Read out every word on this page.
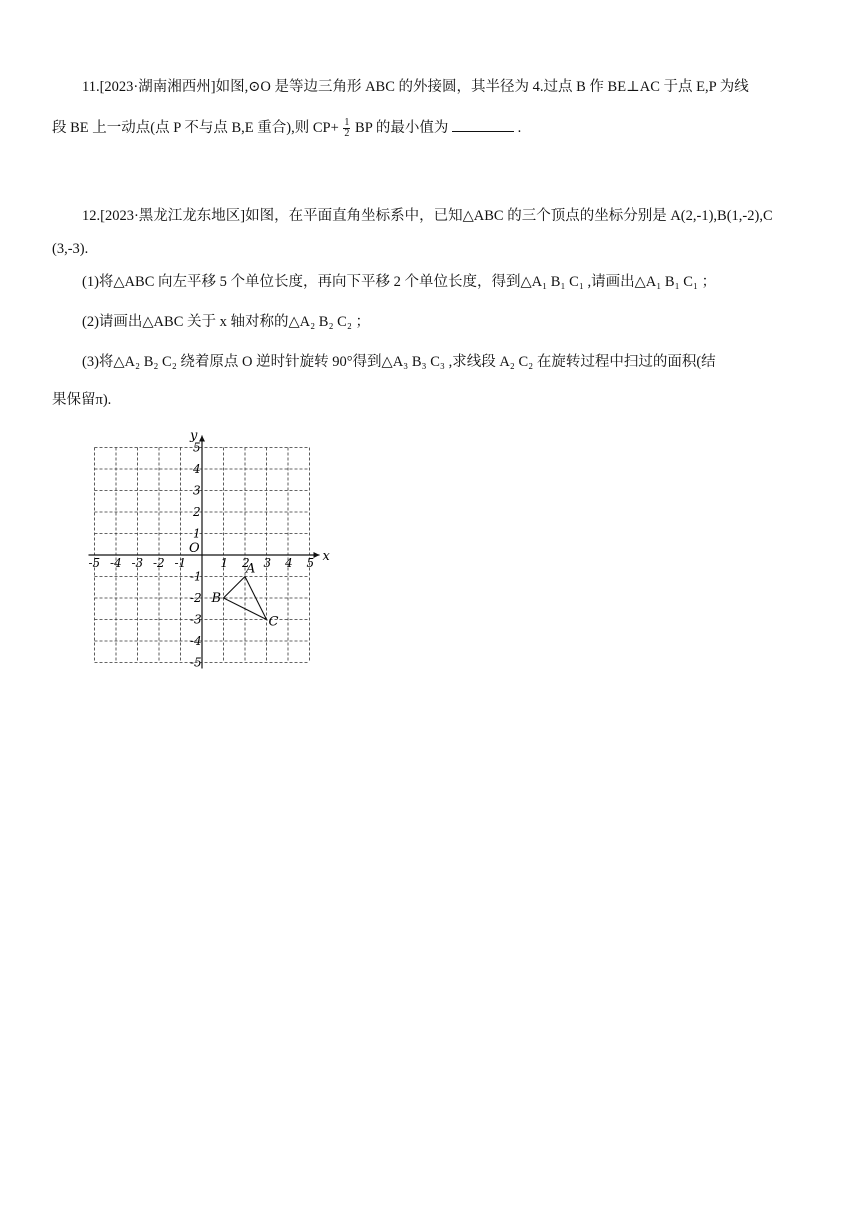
11.[2023·湖南湘西州]如图,⊙O 是等边三角形 ABC 的外接圆，其半径为 4.过点 B 作 BE⊥AC 于点 E,P 为线
段 BE 上一动点(点 P 不与点 B,E 重合),则 $CP+ \frac{1}{2}$ BP 的最小值为	.
12.[2023·黑龙江龙东地区]如图，在平面直角坐标系中，已知△ABC 的三个顶点的坐标分别是 A(2,-1),B(1,-2),C
(3,-3).
(1)将△ABC 向左平移 5 个单位长度，再向下平移 2 个单位长度，得到△A₁ B₁ C₁ ,请画出△A₁ B₁ C₁ ；
(2)请画出△ABC 关于 x 轴对称的△A₂ B₂ C₂ ；
(3)将△A₂ B₂ C₂ 绕着原点 O 逆时针旋转 90°得到△A₃ B₃ C₃ ,求线段 A₂ C₂ 在旋转过程中扫过的面积(结
果保留π).
x
y
O
-5 -4 -3 -2 -1	1 2 3 4 5
5
4
3
2
1
-1
-2
-3
-4
-5
A
B
C
